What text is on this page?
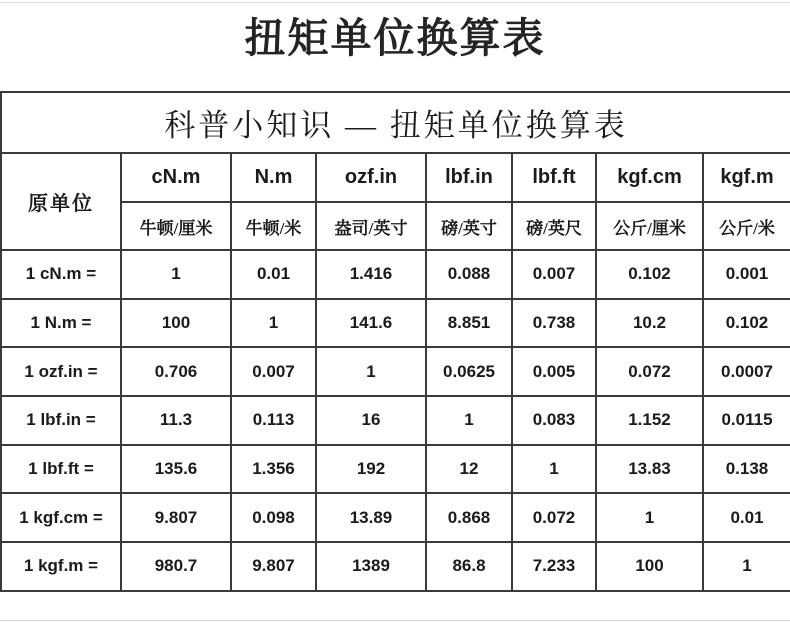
扭矩单位换算表
科普小知识 — 扭矩单位换算表							
原单位	cN.m	N.m	ozf.in	lbf.in	lbf.ft	kgf.cm	kgf.m
	牛顿/厘米	牛顿/米	盎司/英寸	磅/英寸	磅/英尺	公斤/厘米	公斤/米
1 cN.m =	1	0.01	1.416	0.088	0.007	0.102	0.001
1 N.m =	100	1	141.6	8.851	0.738	10.2	0.102
1 ozf.in =	0.706	0.007	1	0.0625	0.005	0.072	0.0007
1 lbf.in =	11.3	0.113	16	1	0.083	1.152	0.0115
1 lbf.ft =	135.6	1.356	192	12	1	13.83	0.138
1 kgf.cm =	9.807	0.098	13.89	0.868	0.072	1	0.01
1 kgf.m =	980.7	9.807	1389	86.8	7.233	100	1
